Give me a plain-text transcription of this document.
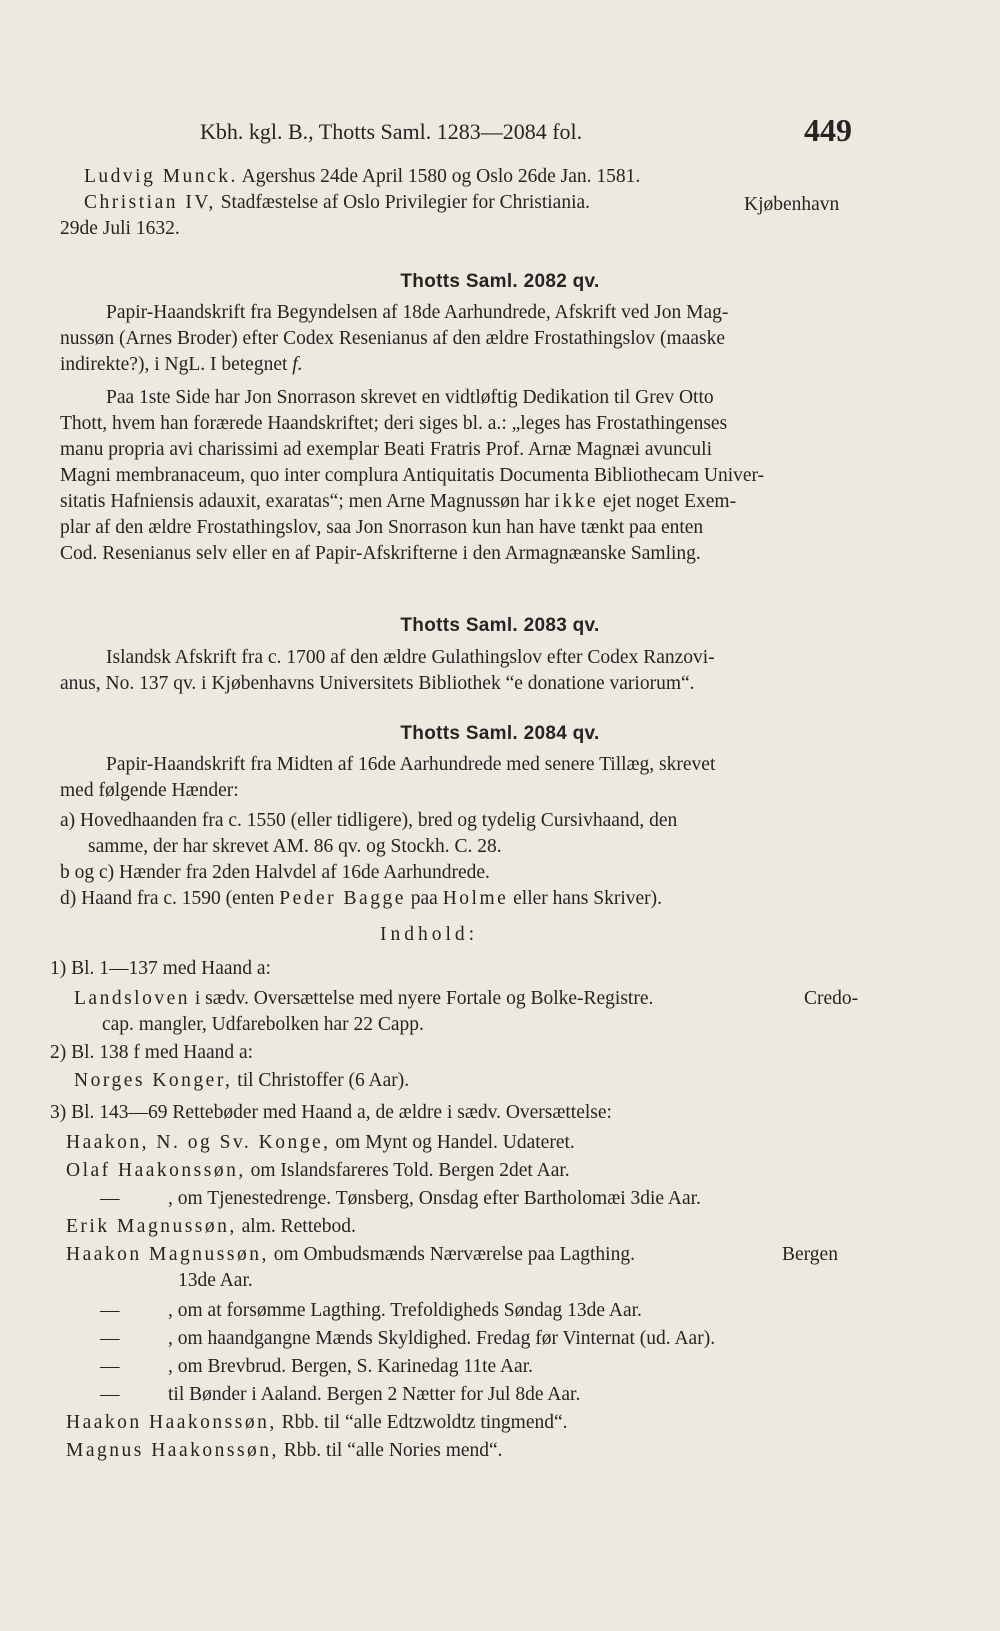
Kbh. kgl. B., Thotts Saml. 1283—2084 fol.	449
Ludvig Munck. Agershus 24de April 1580 og Oslo 26de Jan. 1581.
Christian IV, Stadfæstelse af Oslo Privilegier for Christiania.	Kjøbenhavn
29de Juli 1632.
Thotts Saml. 2082 qv.
Papir-Haandskrift fra Begyndelsen af 18de Aarhundrede, Afskrift ved Jon Mag-
nussøn (Arnes Broder) efter Codex Resenianus af den ældre Frostathingslov (maaske
indirekte?), i NgL. I betegnet f.
Paa 1ste Side har Jon Snorrason skrevet en vidtløftig Dedikation til Grev Otto
Thott, hvem han forærede Haandskriftet; deri siges bl. a.: „leges has Frostathingenses
manu propria avi charissimi ad exemplar Beati Fratris Prof. Arnæ Magnæi avunculi
Magni membranaceum, quo inter complura Antiquitatis Documenta Bibliothecam Univer-
sitatis Hafniensis adauxit, exaratas“; men Arne Magnussøn har ikke ejet noget Exem-
plar af den ældre Frostathingslov, saa Jon Snorrason kun han have tænkt paa enten
Cod. Resenianus selv eller en af Papir-Afskrifterne i den Armagnæanske Samling.
Thotts Saml. 2083 qv.
Islandsk Afskrift fra c. 1700 af den ældre Gulathingslov efter Codex Ranzovi-
anus, No. 137 qv. i Kjøbenhavns Universitets Bibliothek “e donatione variorum“.
Thotts Saml. 2084 qv.
Papir-Haandskrift fra Midten af 16de Aarhundrede med senere Tillæg, skrevet
med følgende Hænder:
a) Hovedhaanden fra c. 1550 (eller tidligere), bred og tydelig Cursivhaand, den
samme, der har skrevet AM. 86 qv. og Stockh. C. 28.
b og c) Hænder fra 2den Halvdel af 16de Aarhundrede.
d) Haand fra c. 1590 (enten Peder Bagge paa Holme eller hans Skriver).
Indhold:
1) Bl. 1—137 med Haand a:
Landsloven i sædv. Oversættelse med nyere Fortale og Bolke-Registre.	Credo-
cap. mangler, Udfarebolken har 22 Capp.
2) Bl. 138 f med Haand a:
Norges Konger, til Christoffer (6 Aar).
3) Bl. 143—69 Rettebøder med Haand a, de ældre i sædv. Oversættelse:
Haakon, N. og Sv. Konge, om Mynt og Handel. Udateret.
Olaf Haakonssøn, om Islandsfareres Told. Bergen 2det Aar.
— , om Tjenestedrenge. Tønsberg, Onsdag efter Bartholomæi 3die Aar.
Erik Magnussøn, alm. Rettebod.
Haakon Magnussøn, om Ombudsmænds Nærværelse paa Lagthing.	Bergen
13de Aar.
— , om at forsømme Lagthing. Trefoldigheds Søndag 13de Aar.
— , om haandgangne Mænds Skyldighed. Fredag før Vinternat (ud. Aar).
— , om Brevbrud. Bergen, S. Karinedag 11te Aar.
— til Bønder i Aaland. Bergen 2 Nætter for Jul 8de Aar.
Haakon Haakonssøn, Rbb. til “alle Edtzwoldtz tingmend“.
Magnus Haakonssøn, Rbb. til “alle Nories mend“.
